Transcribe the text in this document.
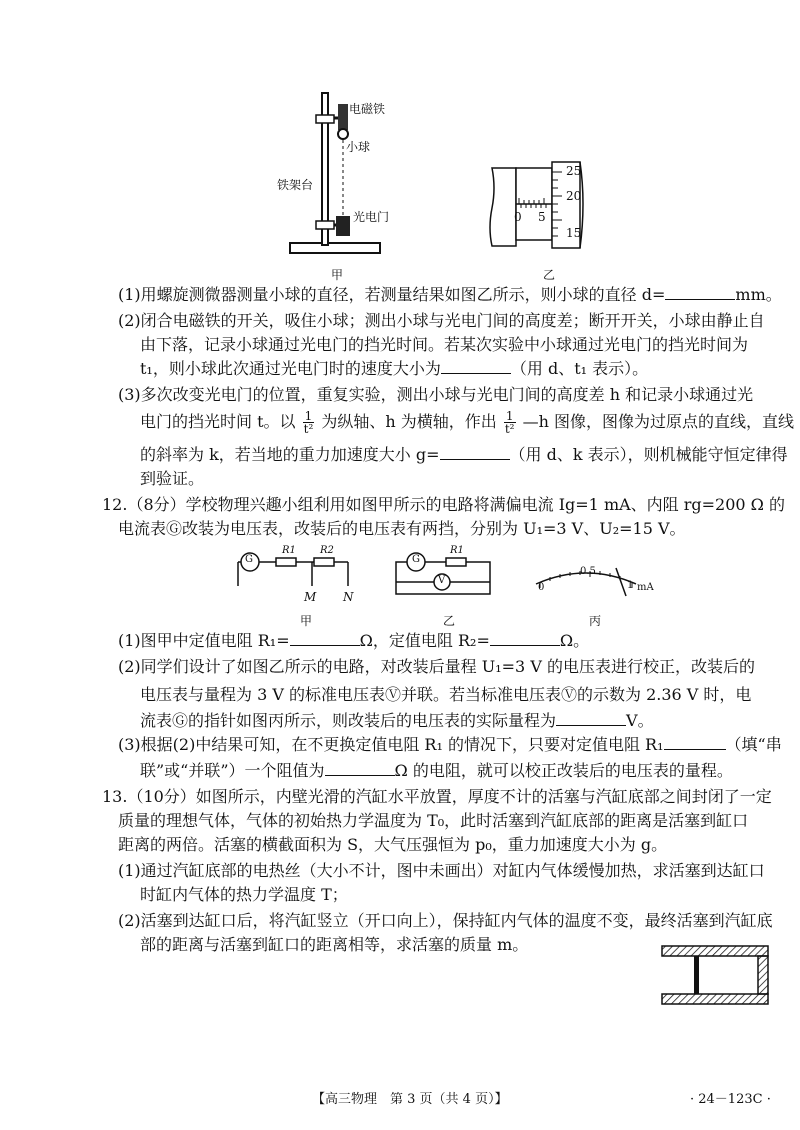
电磁铁
小球
铁架台
光电门
甲
25
20
15
0 5
乙
(1)用螺旋测微器测量小球的直径，若测量结果如图乙所示，则小球的直径 d=	mm。
(2)闭合电磁铁的开关，吸住小球；测出小球与光电门间的高度差；断开开关，小球由静止自
由下落，记录小球通过光电门的挡光时间。若某次实验中小球通过光电门的挡光时间为
t₁，则小球此次通过光电门时的速度大小为	（用 d、t₁ 表示）。
(3)多次改变光电门的位置，重复实验，测出小球与光电门间的高度差 h 和记录小球通过光
电门的挡光时间 t。以 $\frac{1}{\text{t²}}$ 为纵轴、h 为横轴，作出 $\frac{1}{\text{t²}}$ —h 图像，图像为过原点的直线，直线
的斜率为 k，若当地的重力加速度大小 g=	（用 d、k 表示），则机械能守恒定律得
到验证。
12.（8分）学校物理兴趣小组利用如图甲所示的电路将满偏电流 Ig=1 mA、内阻 rg=200 Ω 的
电流表Ⓖ改装为电压表，改装后的电压表有两挡，分别为 U₁=3 V、U₂=15 V。
G
R1 R2
M N
甲
G
R1
V
乙
0
0.5
1 mA
丙
(1)图甲中定值电阻 R₁=	Ω，定值电阻 R₂=	Ω。
(2)同学们设计了如图乙所示的电路，对改装后量程 U₁=3 V 的电压表进行校正，改装后的
电压表与量程为 3 V 的标准电压表Ⓥ并联。若当标准电压表Ⓥ的示数为 2.36 V 时，电
流表Ⓖ的指针如图丙所示，则改装后的电压表的实际量程为	V。
(3)根据(2)中结果可知，在不更换定值电阻 R₁ 的情况下，只要对定值电阻 R₁	（填“串
联”或“并联”）一个阻值为	Ω 的电阻，就可以校正改装后的电压表的量程。
13.（10分）如图所示，内壁光滑的汽缸水平放置，厚度不计的活塞与汽缸底部之间封闭了一定
质量的理想气体，气体的初始热力学温度为 T₀，此时活塞到汽缸底部的距离是活塞到缸口
距离的两倍。活塞的横截面积为 S，大气压强恒为 p₀，重力加速度大小为 g。
(1)通过汽缸底部的电热丝（大小不计，图中未画出）对缸内气体缓慢加热，求活塞到达缸口
时缸内气体的热力学温度 T；
(2)活塞到达缸口后，将汽缸竖立（开口向上），保持缸内气体的温度不变，最终活塞到汽缸底
部的距离与活塞到缸口的距离相等，求活塞的质量 m。
【高三物理　第 3 页（共 4 页）】	· 24－123C ·
